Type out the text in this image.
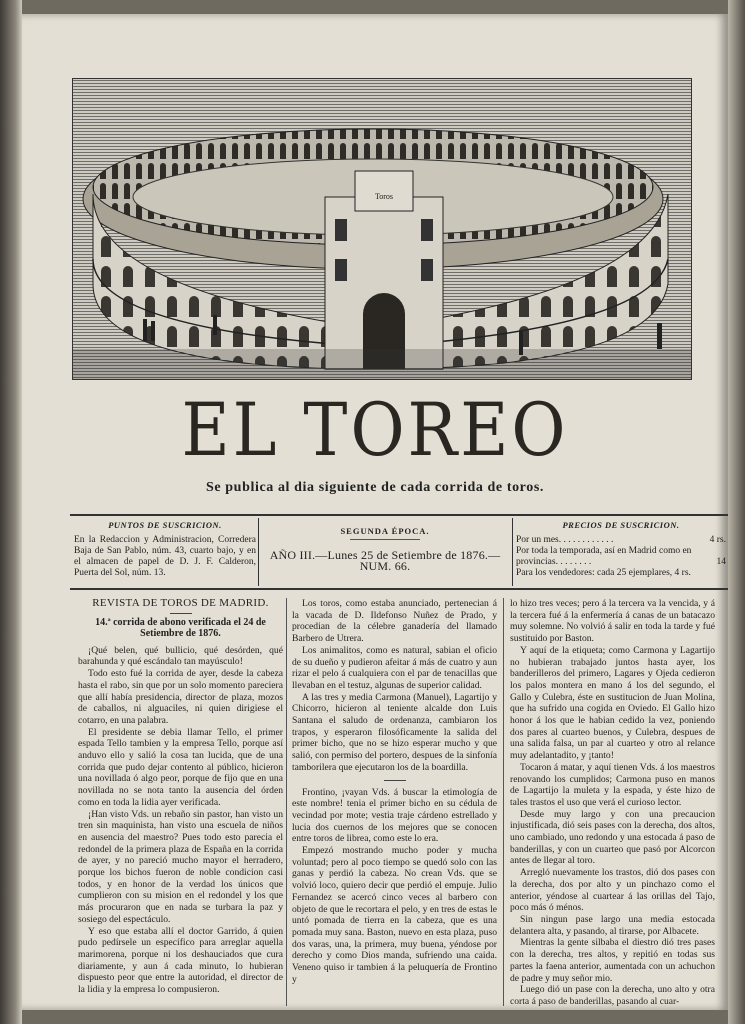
Toros
EL TOREO
Se publica al dia siguiente de cada corrida de toros.
PUNTOS DE SUSCRICION.
En la Redaccion y Administracion, Corredera Baja de San Pablo, núm. 43, cuarto bajo, y en el almacen de papel de D. J. F. Calderon, Puerta del Sol, núm. 13.
SEGUNDA ÉPOCA.
AÑO III.—Lunes 25 de Setiembre de 1876.—NUM. 66.
PRECIOS DE SUSCRICION.
Por un mes. . . . . . . . . . . .	4 rs.
Por toda la temporada, así en Madrid como en provincias. . . . . . . .	14
Para los vendedores: cada 25 ejemplares, 4 rs.

REVISTA DE TOROS DE MADRID.

14.ª corrida de abono verificada el 24 de Setiembre de 1876.

¡Qué belen, qué bullicio, qué desórden, qué barahunda y qué escándalo tan mayúsculo!

Todo esto fué la corrida de ayer, desde la cabeza hasta el rabo, sin que por un solo momento pareciera que allí había presidencia, director de plaza, mozos de caballos, ni alguaciles, ni quien dirigiese el cotarro, en una palabra.

El presidente se debia llamar Tello, el primer espada Tello tambien y la empresa Tello, porque así anduvo ello y salió la cosa tan lucida, que de una corrida que pudo dejar contento al público, hicieron una novillada ó algo peor, porque de fijo que en una novillada no se nota tanto la ausencia del órden como en toda la lidia ayer verificada.

¡Han visto Vds. un rebaño sin pastor, han visto un tren sin maquinista, han visto una escuela de niños en ausencia del maestro? Pues todo esto parecia el redondel de la primera plaza de España en la corrida de ayer, y no pareció mucho mayor el herradero, porque los bichos fueron de noble condicion casi todos, y en honor de la verdad los únicos que cumplieron con su mision en el redondel y los que más procuraron que en nada se turbara la paz y sosiego del espectáculo.

Y eso que estaba allí el doctor Garrido, á quien pudo pedírsele un específico para arreglar aquella marimorena, porque ni los deshauciados que cura diariamente, y aun á cada minuto, lo hubieran dispuesto peor que entre la autoridad, el director de la lidia y la empresa lo compusieron.

Los toros, como estaba anunciado, pertenecian á la vacada de D. Ildefonso Nuñez de Prado, y procedian de la célebre ganadería del llamado Barbero de Utrera.

Los animalitos, como es natural, sabian el oficio de su dueño y pudieron afeitar á más de cuatro y aun rizar el pelo á cualquiera con el par de tenacillas que llevaban en el testuz, algunas de superior calidad.

A las tres y media Carmona (Manuel), Lagartijo y Chicorro, hicieron al teniente alcalde don Luis Santana el saludo de ordenanza, cambiaron los trapos, y esperaron filosóficamente la salida del primer bicho, que no se hizo esperar mucho y que salió, con permiso del portero, despues de la sinfonía tamborilera que ejecutaron los de la boardilla.

Frontino, ¡vayan Vds. á buscar la etimología de este nombre! tenia el primer bicho en su cédula de vecindad por mote; vestia traje cárdeno estrellado y lucia dos cuernos de los mejores que se conocen entre toros de librea, como este lo era.

Empezó mostrando mucho poder y mucha voluntad; pero al poco tiempo se quedó solo con las ganas y perdió la cabeza. No crean Vds. que se volvió loco, quiero decir que perdió el empuje. Julio Fernandez se acercó cinco veces al barbero con objeto de que le recortara el pelo, y en tres de estas le untó pomada de tierra en la cabeza, que es una pomada muy sana. Baston, nuevo en esta plaza, puso dos varas, una, la primera, muy buena, yéndose por derecho y como Dios manda, sufriendo una caida. Veneno quiso ir tambien á la peluquería de Frontino y

lo hizo tres veces; pero á la tercera va la vencida, y á la tercera fué á la enfermería á canas de un batacazo muy solemne. No volvió á salir en toda la tarde y fué sustituido por Baston.

Y aquí de la etiqueta; como Carmona y Lagartijo no hubieran trabajado juntos hasta ayer, los banderilleros del primero, Lagares y Ojeda cedieron los palos montera en mano á los del segundo, el Gallo y Culebra, éste en sustitucion de Juan Molina, que ha sufrido una cogida en Oviedo. El Gallo hizo honor á los que le habian cedido la vez, poniendo dos pares al cuarteo buenos, y Culebra, despues de una salida falsa, un par al cuarteo y otro al relance muy adelantadito, y ¡tanto!

Tocaron á matar, y aquí tienen Vds. á los maestros renovando los cumplidos; Carmona puso en manos de Lagartijo la muleta y la espada, y éste hizo de tales trastos el uso que verá el curioso lector.

Desde muy largo y con una precaucion injustificada, dió seis pases con la derecha, dos altos, uno cambiado, uno redondo y una estocada á paso de banderillas, y con un cuarteo que pasó por Alcorcon antes de llegar al toro.

Arregló nuevamente los trastos, dió dos pases con la derecha, dos por alto y un pinchazo como el anterior, yéndose al cuartear á las orillas del Tajo, poco más ó ménos.

Sin ningun pase largo una media estocada delantera alta, y pasando, al tirarse, por Albacete.

Mientras la gente silbaba el diestro dió tres pases con la derecha, tres altos, y repitió en todas sus partes la faena anterior, aumentada con un achuchon de padre y muy señor mio.

Luego dió un pase con la derecha, uno alto y otra corta á paso de banderillas, pasando al cuar-
